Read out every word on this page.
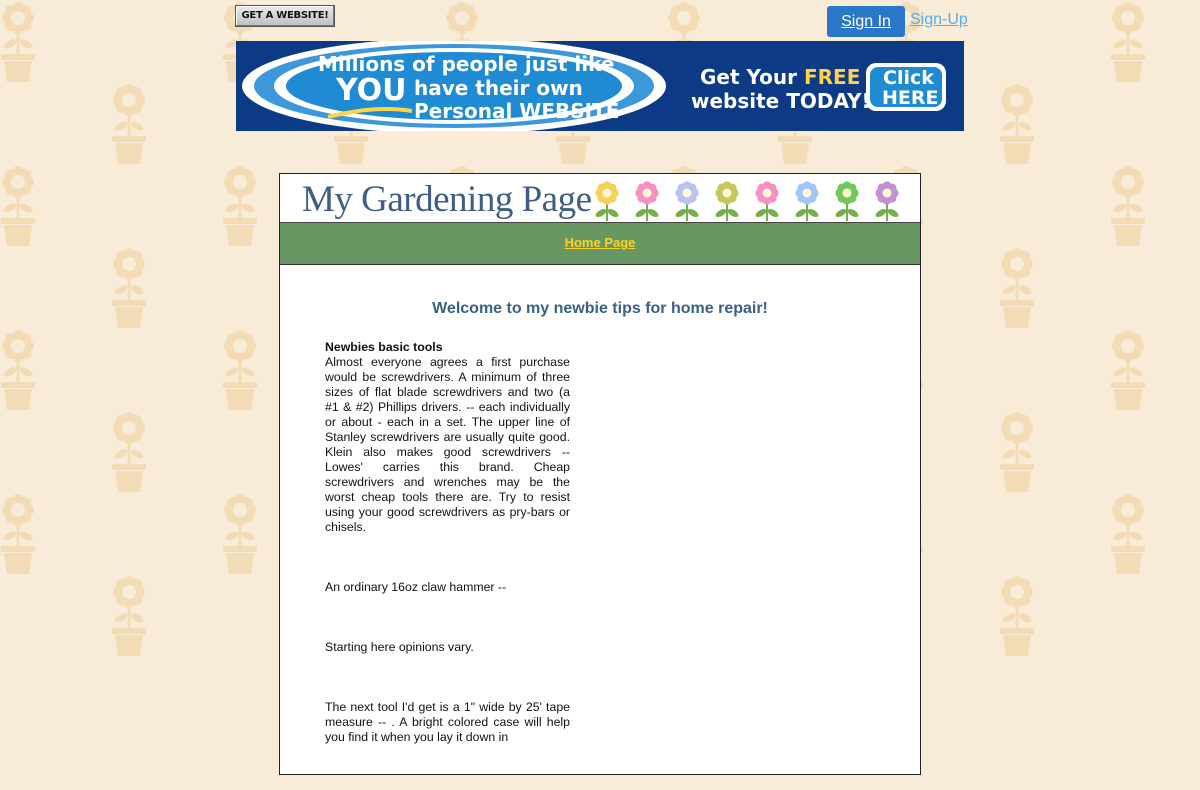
GET A WEBSITE!	Sign In	Sign-Up
Millions of people just like
YOU have their own
Personal WEBSITE
Get Your FREE
website TODAY!
Click
HERE
My Gardening Page
Home Page
Welcome to my newbie tips for home repair!
Newbies basic tools

Almost everyone agrees a first purchase would be screwdrivers. A minimum of three sizes of flat blade screwdrivers and two (a #1 & #2) Phillips drivers. -- each individually or about - each in a set. The upper line of Stanley screwdrivers are usually quite good. Klein also makes good screwdrivers -- Lowes' carries this brand. Cheap screwdrivers and wrenches may be the worst cheap tools there are. Try to resist using your good screwdrivers as pry-bars or chisels.

An ordinary 16oz claw hammer --

Starting here opinions vary.

The next tool I'd get is a 1" wide by 25' tape measure -- . A bright colored case will help you find it when you lay it down in
